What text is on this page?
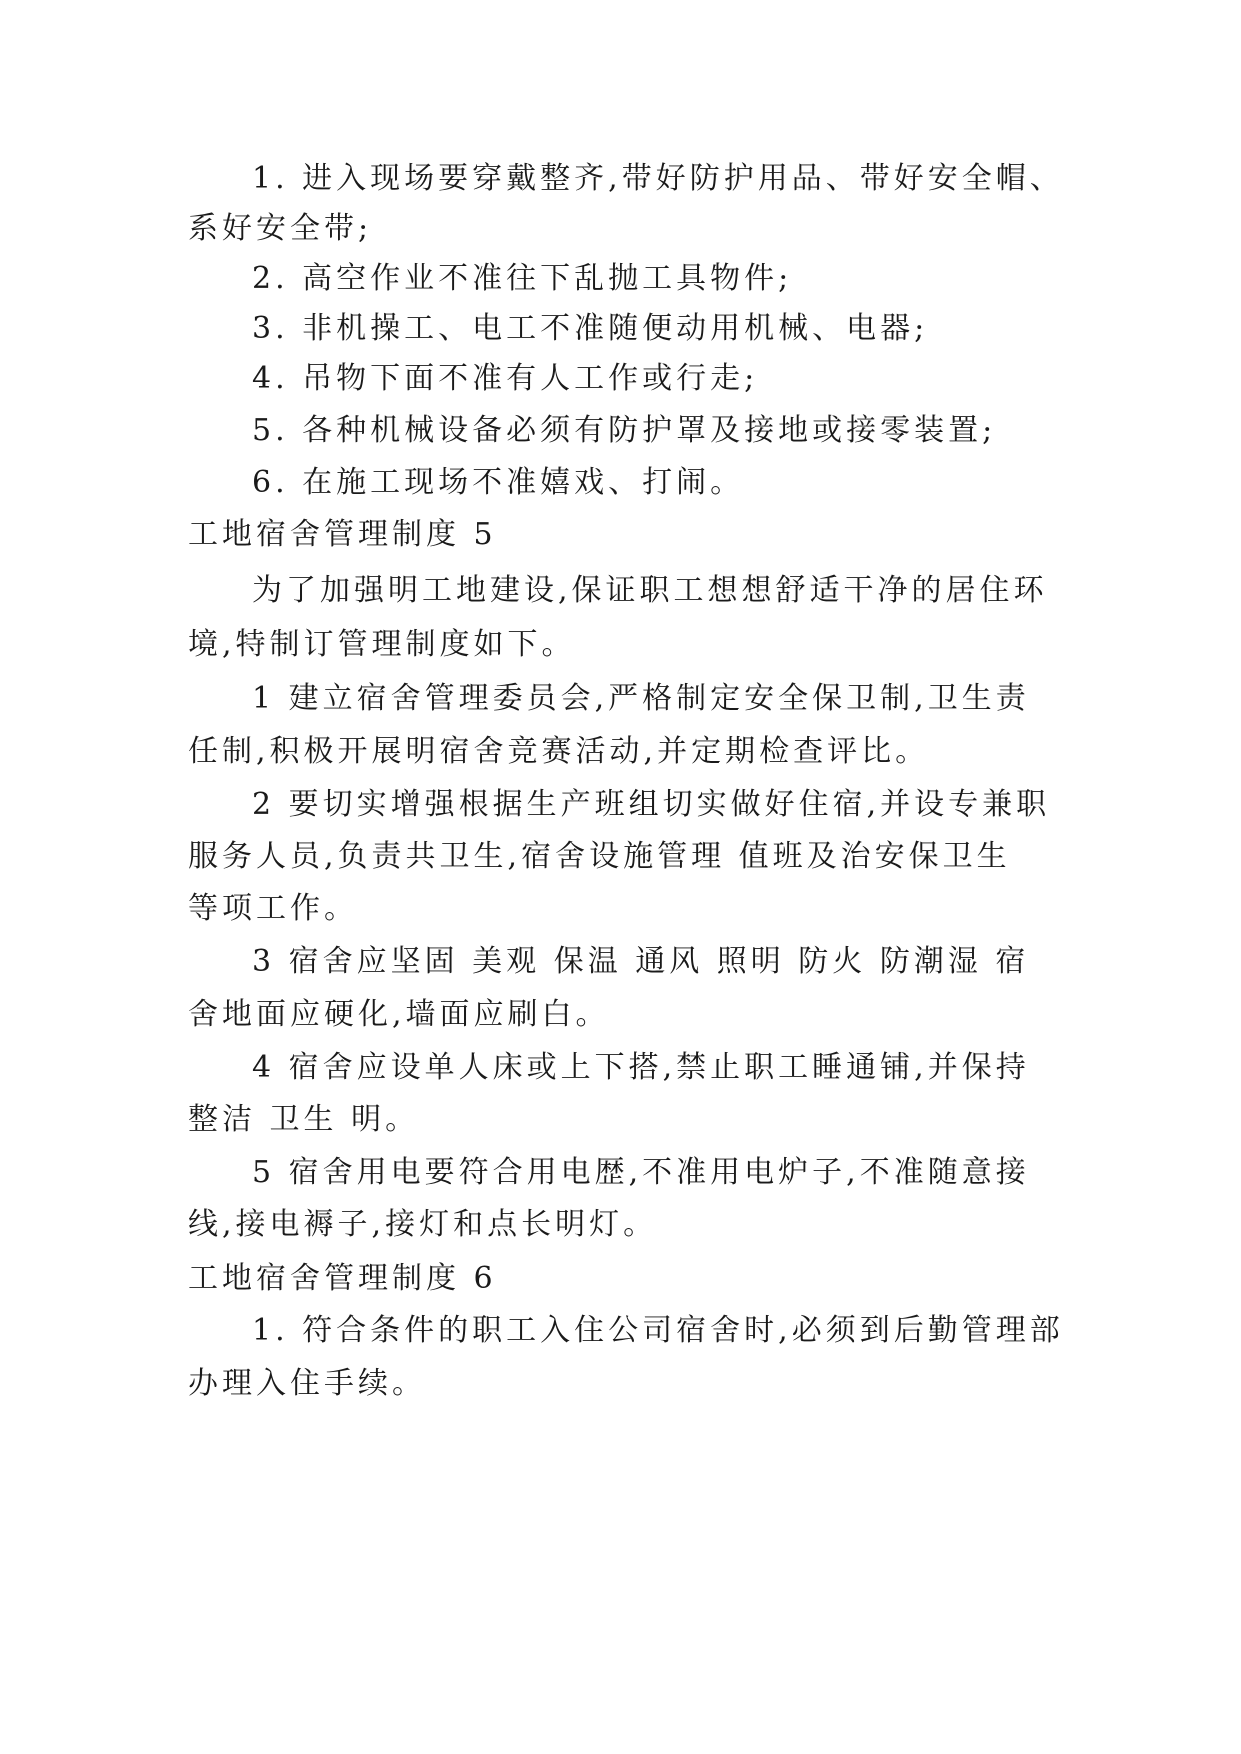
1. 进入现场要穿戴整齐,带好防护用品、带好安全帽、
系好安全带;
2. 高空作业不准往下乱抛工具物件;
3. 非机操工、电工不准随便动用机械、电器;
4. 吊物下面不准有人工作或行走;
5. 各种机械设备必须有防护罩及接地或接零装置;
6. 在施工现场不准嬉戏、打闹。
工地宿舍管理制度 5
为了加强明工地建设,保证职工想想舒适干净的居住环
境,特制订管理制度如下。
1 建立宿舍管理委员会,严格制定安全保卫制,卫生责
任制,积极开展明宿舍竞赛活动,并定期检查评比。
2 要切实增强根据生产班组切实做好住宿,并设专兼职
服务人员,负责共卫生,宿舍设施管理 值班及治安保卫生
等项工作。
3 宿舍应坚固 美观 保温 通风 照明 防火 防潮湿 宿
舍地面应硬化,墙面应刷白。
4 宿舍应设单人床或上下搭,禁止职工睡通铺,并保持
整洁 卫生 明。
5 宿舍用电要符合用电歴,不准用电炉子,不准随意接
线,接电褥子,接灯和点长明灯。
工地宿舍管理制度 6
1. 符合条件的职工入住公司宿舍时,必须到后勤管理部
办理入住手续。
